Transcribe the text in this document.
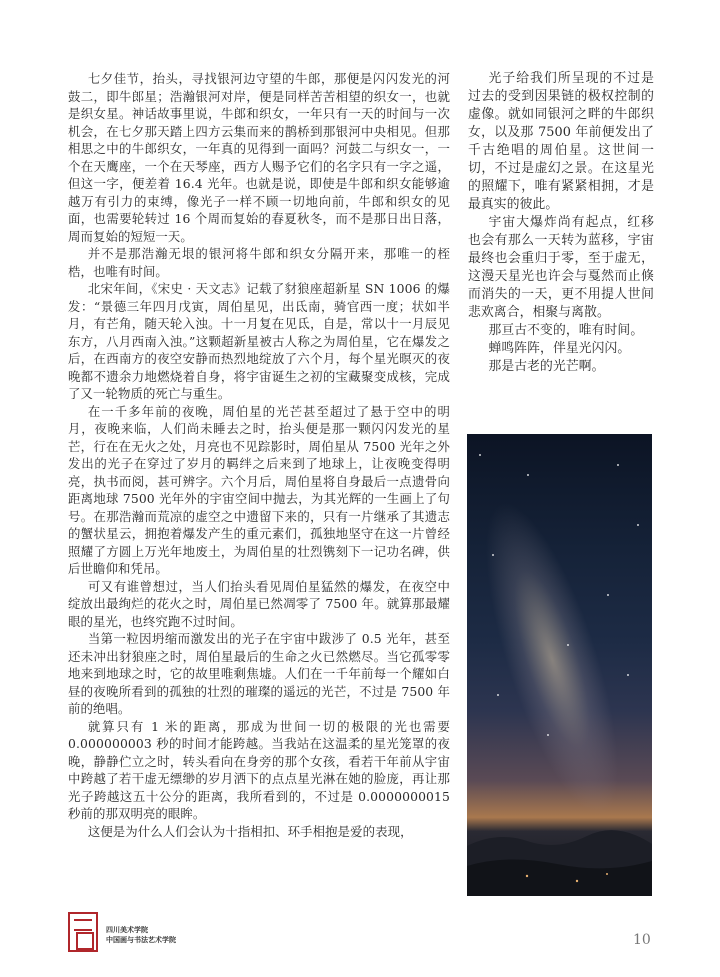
七夕佳节，抬头，寻找银河边守望的牛郎，那便是闪闪发光的河鼓二，即牛郎星；浩瀚银河对岸，便是同样苦苦相望的织女一，也就是织女星。神话故事里说，牛郎和织女，一年只有一天的时间与一次机会，在七夕那天踏上四方云集而来的鹊桥到那银河中央相见。但那相思之中的牛郎织女，一年真的见得到一面吗？河鼓二与织女一，一个在天鹰座，一个在天琴座，西方人赐予它们的名字只有一字之遥，但这一字，便差着 16.4 光年。也就是说，即使是牛郎和织女能够逾越万有引力的束缚，像光子一样不顾一切地向前，牛郎和织女的见面，也需要轮转过 16 个周而复始的春夏秋冬，而不是那日出日落，周而复始的短短一天。

并不是那浩瀚无垠的银河将牛郎和织女分隔开来，那唯一的桎梏，也唯有时间。

北宋年间，《宋史 · 天文志》记载了豺狼座超新星 SN 1006 的爆发：“景德三年四月戊寅，周伯星见，出氐南，骑官西一度；状如半月，有芒角，随天轮入浊。十一月复在见氐，自是，常以十一月辰见东方，八月西南入浊。”这颗超新星被古人称之为周伯星，它在爆发之后，在西南方的夜空安静而热烈地绽放了六个月，每个星光暝灭的夜晚都不遗余力地燃烧着自身，将宇宙诞生之初的宝藏聚变成核，完成了又一轮物质的死亡与重生。

在一千多年前的夜晚，周伯星的光芒甚至超过了悬于空中的明月，夜晚来临，人们尚未睡去之时，抬头便是那一颗闪闪发光的星芒，行在在无火之处，月亮也不见踪影时，周伯星从 7500 光年之外发出的光子在穿过了岁月的羁绊之后来到了地球上，让夜晚变得明亮，执书而阅，甚可辨字。六个月后，周伯星将自身最后一点遗骨向距离地球 7500 光年外的宇宙空间中抛去，为其光辉的一生画上了句号。在那浩瀚而荒凉的虚空之中遗留下来的，只有一片继承了其遗志的蟹状星云，拥抱着爆发产生的重元素们，孤独地坚守在这一片曾经照耀了方圆上万光年地废土，为周伯星的壮烈镌刻下一记功名碑，供后世瞻仰和凭吊。

可又有谁曾想过，当人们抬头看见周伯星猛然的爆发，在夜空中绽放出最绚烂的花火之时，周伯星已然凋零了 7500 年。就算那最耀眼的星光，也终究跑不过时间。

当第一粒因坍缩而激发出的光子在宇宙中跋涉了 0.5 光年，甚至还未冲出豺狼座之时，周伯星最后的生命之火已然燃尽。当它孤零零地来到地球之时，它的故里唯剩焦墟。人们在一千年前每一个耀如白昼的夜晚所看到的孤独的壮烈的璀璨的遥远的光芒，不过是 7500 年前的绝唱。

就算只有 1 米的距离，那成为世间一切的极限的光也需要 0.000000003 秒的时间才能跨越。当我站在这温柔的星光笼罩的夜晚，静静伫立之时，转头看向在身旁的那个女孩，看若干年前从宇宙中跨越了若干虚无缥缈的岁月洒下的点点星光淋在她的脸庞，再让那光子跨越这五十公分的距离，我所看到的，不过是 0.0000000015 秒前的那双明亮的眼眸。

这便是为什么人们会认为十指相扣、环手相抱是爱的表现，

光子给我们所呈现的不过是过去的受到因果链的极权控制的虚像。就如同银河之畔的牛郎织女，以及那 7500 年前便发出了千古绝唱的周伯星。这世间一切，不过是虚幻之景。在这星光的照耀下，唯有紧紧相拥，才是最真实的彼此。

宇宙大爆炸尚有起点，红移也会有那么一天转为蓝移，宇宙最终也会重归于零，至于虚无，这漫天星光也许会与戛然而止倏而消失的一天，更不用提人世间悲欢离合，相聚与离散。

那亘古不变的，唯有时间。

蝉鸣阵阵，伴星光闪闪。

那是古老的光芒啊。

四川美术学院
中国画与书法艺术学院	10
